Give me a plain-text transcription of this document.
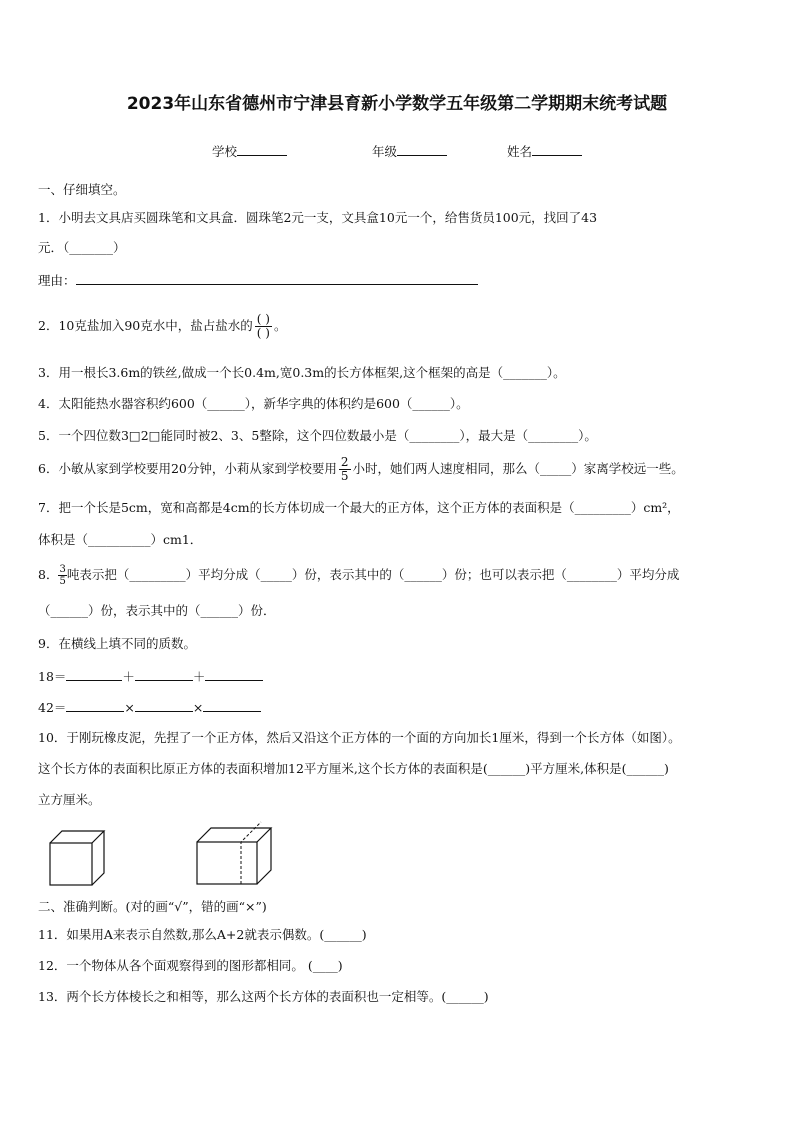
2023年山东省德州市宁津县育新小学数学五年级第二学期期末统考试题
学校	年级	姓名
一、仔细填空。
1．小明去文具店买圆珠笔和文具盒．圆珠笔2元一支，文具盒10元一个，给售货员100元，找回了43
元．（_______）
理由：
2．10克盐加入90克水中，盐占盐水的 $\frac{( )}{( )}$ 。
3．用一根长3.6m的铁丝,做成一个长0.4m,宽0.3m的长方体框架,这个框架的高是（_______）。
4．太阳能热水器容积约600（______），新华字典的体积约是600（______）。
5．一个四位数3□2□能同时被2、3、5整除，这个四位数最小是（________），最大是（________）。
6．小敏从家到学校要用20分钟，小莉从家到学校要用 $\frac{2}{5}$ 小时，她们两人速度相同，那么（_____）家离学校远一些。
7．把一个长是5cm，宽和高都是4cm的长方体切成一个最大的正方体，这个正方体的表面积是（_________）cm²，
体积是（__________）cm1．
8． $\frac{3}{5}$ 吨表示把（_________）平均分成（_____）份，表示其中的（______）份；也可以表示把（________）平均分成
（______）份，表示其中的（______）份．
9．在横线上填不同的质数。
18＝	＋	＋
42＝	×	×
10．于刚玩橡皮泥，先捏了一个正方体，然后又沿这个正方体的一个面的方向加长1厘米，得到一个长方体（如图）。
这个长方体的表面积比原正方体的表面积增加12平方厘米,这个长方体的表面积是(______)平方厘米,体积是(______)
立方厘米。
二、准确判断。(对的画“√”，错的画“×”)
11．如果用A来表示自然数,那么A+2就表示偶数。(______)
12．一个物体从各个面观察得到的图形都相同。 (____)
13．两个长方体棱长之和相等，那么这两个长方体的表面积也一定相等。(______)
